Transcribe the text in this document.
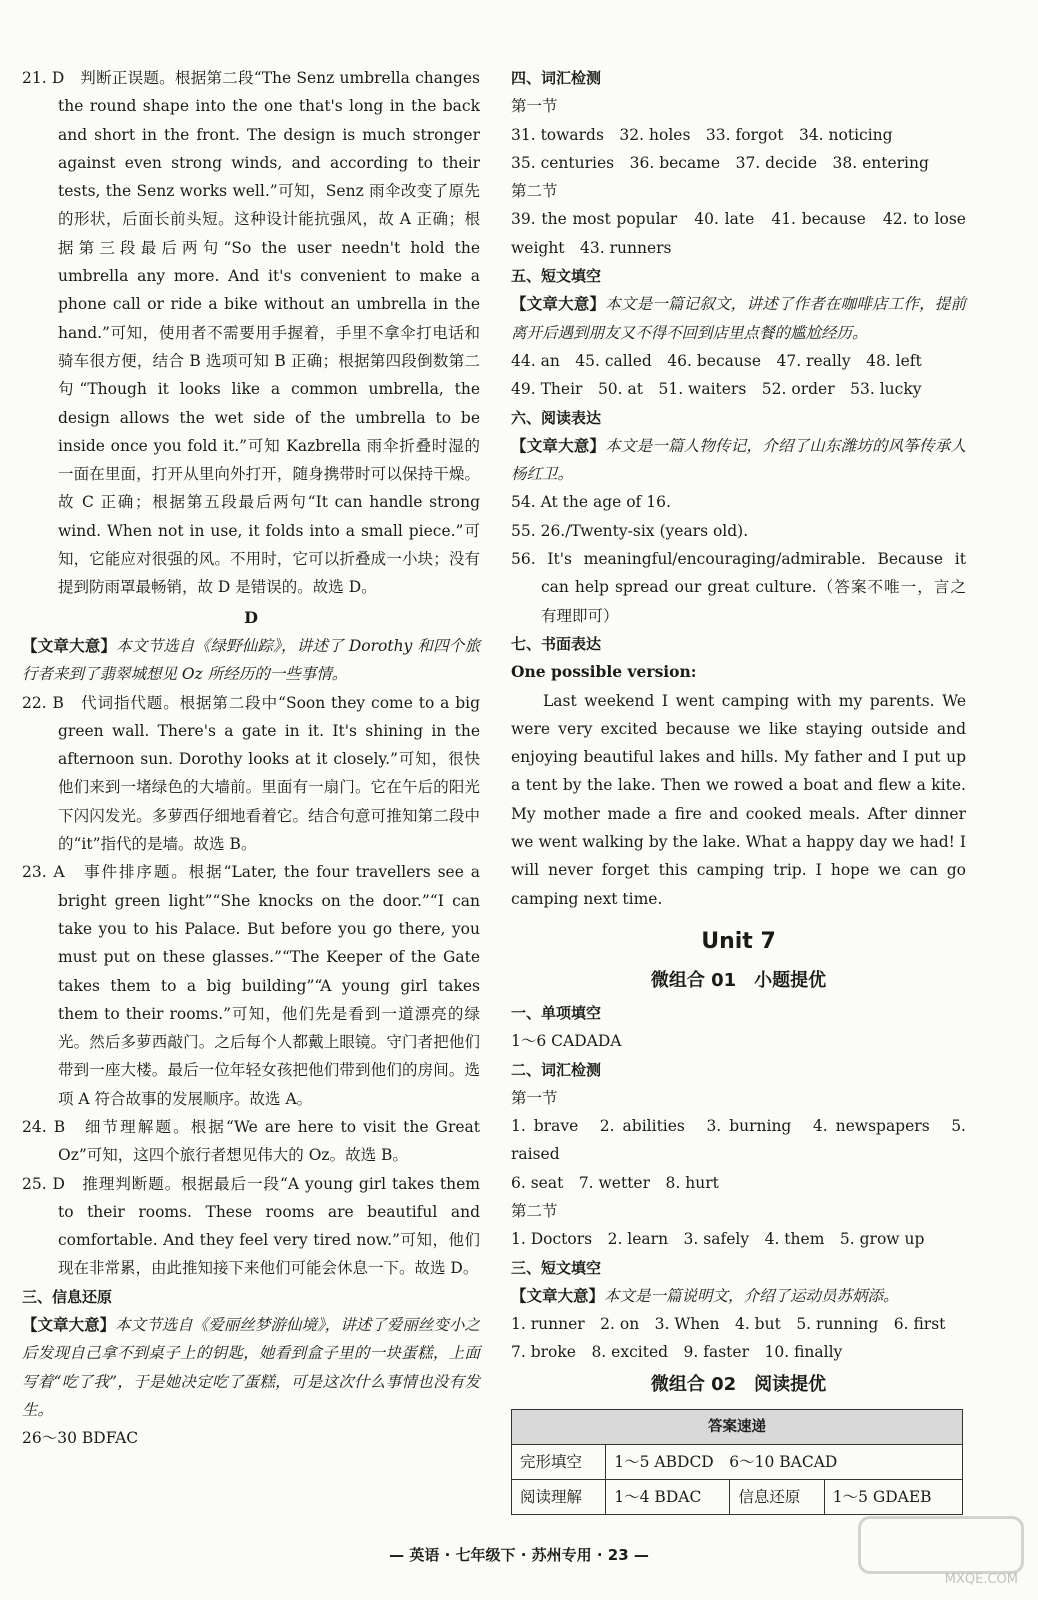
21. D　判断正误题。根据第二段“The Senz umbrella changes the round shape into the one that's long in the back and short in the front. The design is much stronger against even strong winds, and according to their tests, the Senz works well.”可知，Senz 雨伞改变了原先的形状，后面长前头短。这种设计能抗强风，故 A 正确；根据第三段最后两句“So the user needn't hold the umbrella any more. And it's convenient to make a phone call or ride a bike without an umbrella in the hand.”可知，使用者不需要用手握着，手里不拿伞打电话和骑车很方便，结合 B 选项可知 B 正确；根据第四段倒数第二句“Though it looks like a common umbrella, the design allows the wet side of the umbrella to be inside once you fold it.”可知 Kazbrella 雨伞折叠时湿的一面在里面，打开从里向外打开，随身携带时可以保持干燥。故 C 正确；根据第五段最后两句“It can handle strong wind. When not in use, it folds into a small piece.”可知，它能应对很强的风。不用时，它可以折叠成一小块；没有提到防雨罩最畅销，故 D 是错误的。故选 D。

D

【文章大意】本文节选自《绿野仙踪》，讲述了 Dorothy 和四个旅行者来到了翡翠城想见 Oz 所经历的一些事情。

22. B　代词指代题。根据第二段中“Soon they come to a big green wall. There's a gate in it. It's shining in the afternoon sun. Dorothy looks at it closely.”可知，很快他们来到一堵绿色的大墙前。里面有一扇门。它在午后的阳光下闪闪发光。多萝西仔细地看着它。结合句意可推知第二段中的“it”指代的是墙。故选 B。

23. A　事件排序题。根据“Later, the four travellers see a bright green light”“She knocks on the door.”“I can take you to his Palace. But before you go there, you must put on these glasses.”“The Keeper of the Gate takes them to a big building”“A young girl takes them to their rooms.”可知，他们先是看到一道漂亮的绿光。然后多萝西敲门。之后每个人都戴上眼镜。守门者把他们带到一座大楼。最后一位年轻女孩把他们带到他们的房间。选项 A 符合故事的发展顺序。故选 A。

24. B　细节理解题。根据“We are here to visit the Great Oz”可知，这四个旅行者想见伟大的 Oz。故选 B。

25. D　推理判断题。根据最后一段“A young girl takes them to their rooms. These rooms are beautiful and comfortable. And they feel very tired now.”可知，他们现在非常累，由此推知接下来他们可能会休息一下。故选 D。

三、信息还原

【文章大意】本文节选自《爱丽丝梦游仙境》，讲述了爱丽丝变小之后发现自己拿不到桌子上的钥匙，她看到盒子里的一块蛋糕，上面写着“吃了我”，于是她决定吃了蛋糕，可是这次什么事情也没有发生。

26～30 BDFAC

四、词汇检测

第一节

31. towards　32. holes　33. forgot　34. noticing

35. centuries　36. became　37. decide　38. entering

第二节

39. the most popular　40. late　41. because　42. to lose weight　43. runners

五、短文填空

【文章大意】本文是一篇记叙文，讲述了作者在咖啡店工作，提前离开后遇到朋友又不得不回到店里点餐的尴尬经历。

44. an　45. called　46. because　47. really　48. left

49. Their　50. at　51. waiters　52. order　53. lucky

六、阅读表达

【文章大意】本文是一篇人物传记，介绍了山东潍坊的风筝传承人杨红卫。

54. At the age of 16.

55. 26./Twenty-six (years old).

56. It's meaningful/encouraging/admirable. Because it can help spread our great culture.（答案不唯一，言之有理即可）

七、书面表达

One possible version:

Last weekend I went camping with my parents. We were very excited because we like staying outside and enjoying beautiful lakes and hills. My father and I put up a tent by the lake. Then we rowed a boat and flew a kite. My mother made a fire and cooked meals. After dinner we went walking by the lake. What a happy day we had! I will never forget this camping trip. I hope we can go camping next time.

Unit 7

微组合 01　小题提优

一、单项填空

1～6 CADADA

二、词汇检测

第一节

1. brave　2. abilities　3. burning　4. newspapers　5. raised

6. seat　7. wetter　8. hurt

第二节

1. Doctors　2. learn　3. safely　4. them　5. grow up

三、短文填空

【文章大意】本文是一篇说明文，介绍了运动员苏炳添。

1. runner　2. on　3. When　4. but　5. running　6. first

7. broke　8. excited　9. faster　10. finally

微组合 02　阅读提优

答案速递			
完形填空	1～5 ABDCD　6～10 BACAD		
阅读理解	1～4 BDAC	信息还原	1～5 GDAEB
— 英语 · 七年级下 · 苏州专用 · 23 —
MXQE.COM
